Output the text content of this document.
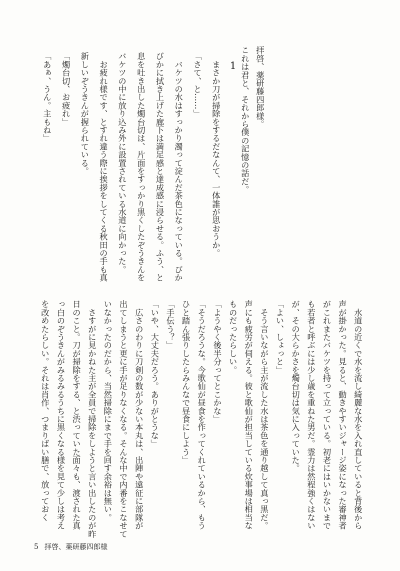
拝啓、薬研藤四郎様。
これは君と、それから僕の記憶の話だ。
1
　まさか刀が掃除をするだなんて、一体誰が思おうか。
「さて、と……」
　バケツの水はすっかり濁って淀んだ茶色になっている。びか
びかに拭き上げた廊下は満足感と達成感に浸らせる。ふう、と
息を吐き出した燭台切は、片面をすっかり黒くしたぞうきんを
バケツの中に放り込み外に設置されている水道に向かった。
　お疲れ様です、とすれ違う際に挨拶をしてくる秋田の手も真
新しいぞうきんが握られている。
「燭台切、お疲れ」
「あぁ、うん。主もね」
　水道の近くで水を流し綺麗な水を入れ直していると背後から
声が掛かった。見ると、動きやすいジャージ姿になった審神者
がこれまたバケツを持って立っている。初老にはいかないまで
も若者と呼ぶには少し歳を重ねた男だ。霊力は然程強くはない
が、その大らかさを燭台切は気に入っていた。
「よい、しょっと」
　そう言いながら主が流した水は茶色を通り越して真っ黒だ。
声にも疲労が伺える。彼と歌仙が担当している炊事場は相当な
ものだったらしい。
「ようやく後半分ってとこかな」
「そうだろうな。今歌仙が昼食を作ってくれているから、もう
ひと踏ん張りしたらみんなで昼食にしよう」
「手伝う？」
「いや、大丈夫だろう。ありがとうな」
　広さのわりに刀剣の数が少ない本丸は、出陣や遠征に部隊が
出てしまうと更に手が足りなくなる。そんな中で内番をこなせて
いなかったのだから、当然掃除にまで手を回す余裕は無い。
　さすがに見かねた主が全員で掃除をしようと言い出したのが昨
日のこと。刀が掃除をする、と渋っていた面々も、渡された真
っ白のぞうきんがみるみるうちに黒くなる様を見て少しは考え
を改めたらしい。それは肖作、つまりばい膳で、放っておく
5 拝啓、薬研藤四郎様
